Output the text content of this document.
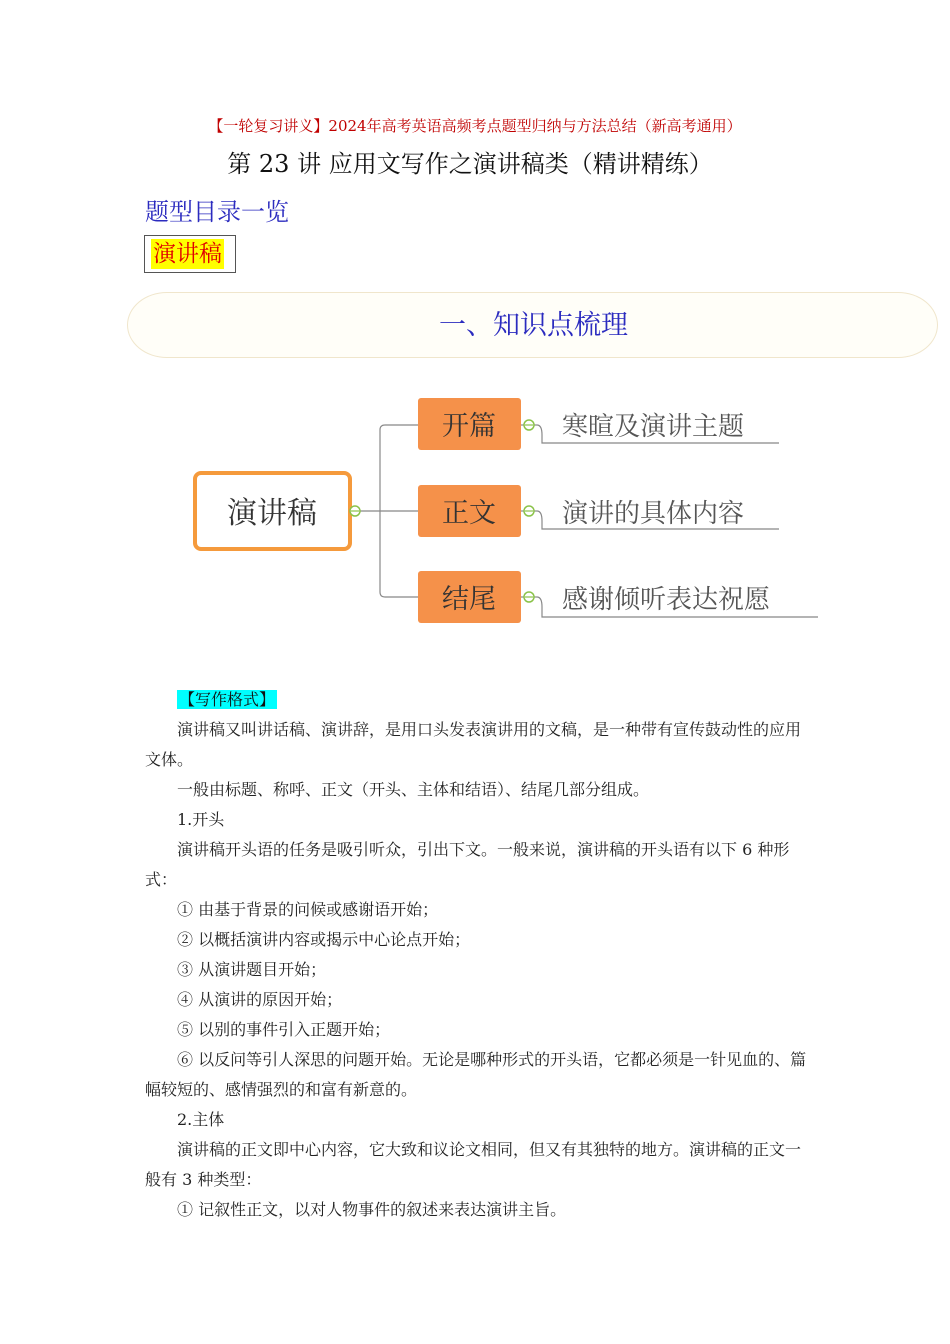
【一轮复习讲义】2024年高考英语高频考点题型归纳与方法总结（新高考通用）
第 23 讲 应用文写作之演讲稿类（精讲精练）
题型目录一览
演讲稿
一、知识点梳理
演讲稿
开篇
正文
结尾
寒暄及演讲主题
演讲的具体内容
感谢倾听表达祝愿

【写作格式】

演讲稿又叫讲话稿、演讲辞，是用口头发表演讲用的文稿，是一种带有宣传鼓动性的应用文体。

一般由标题、称呼、正文（开头、主体和结语）、结尾几部分组成。

1.开头

演讲稿开头语的任务是吸引听众，引出下文。一般来说，演讲稿的开头语有以下 6 种形式：

① 由基于背景的问候或感谢语开始；

② 以概括演讲内容或揭示中心论点开始；

③ 从演讲题目开始；

④ 从演讲的原因开始；

⑤ 以别的事件引入正题开始；

⑥ 以反问等引人深思的问题开始。无论是哪种形式的开头语，它都必须是一针见血的、篇幅较短的、感情强烈的和富有新意的。

2.主体

演讲稿的正文即中心内容，它大致和议论文相同，但又有其独特的地方。演讲稿的正文一般有 3 种类型：

① 记叙性正文，以对人物事件的叙述来表达演讲主旨。
